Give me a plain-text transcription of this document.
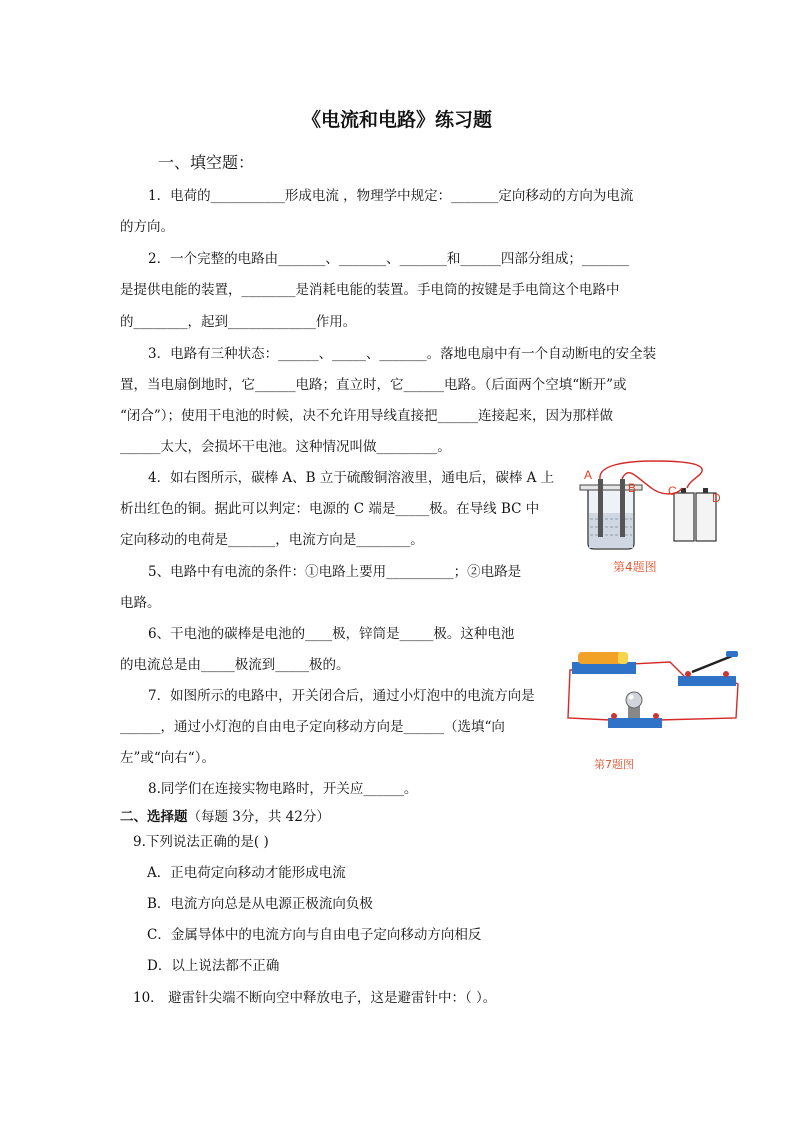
《电流和电路》练习题
一、填空题：
1．电荷的___________形成电流 ，物理学中规定：_______定向移动的方向为电流
的方向。
2．一个完整的电路由_______、_______、_______和______四部分组成；_______
是提供电能的装置，________是消耗电能的装置。手电筒的按键是手电筒这个电路中
的________，起到_____________作用。
3．电路有三种状态：______、_____、_______。落地电扇中有一个自动断电的安全装
置，当电扇倒地时，它______电路；直立时，它______电路。（后面两个空填“断开”或
“闭合”）；使用干电池的时候，决不允许用导线直接把______连接起来，因为那样做
______太大，会损坏干电池。这种情况叫做_________。
4．如右图所示，碳棒 A、B 立于硫酸铜溶液里，通电后，碳棒 A 上
析出红色的铜。据此可以判定：电源的 C 端是_____极。在导线 BC 中
定向移动的电荷是_______，电流方向是________。
5、电路中有电流的条件：①电路上要用__________；②电路是
电路。
6、干电池的碳棒是电池的____极，锌筒是_____极。这种电池
的电流总是由_____极流到_____极的。
7．如图所示的电路中，开关闭合后，通过小灯泡中的电流方向是
______，通过小灯泡的自由电子定向移动方向是______（选填“向
左”或“向右“）。
8.同学们在连接实物电路时，开关应______。
二、选择题（每题 3分，共 42分）
9.下列说法正确的是( )
A．正电荷定向移动才能形成电流
B．电流方向总是从电源正极流向负极
C．金属导体中的电流方向与自由电子定向移动方向相反
D．以上说法都不正确
10． 避雷针尖端不断向空中释放电子，这是避雷针中：（ ）。
A
B	C	D
第4题图
第7题图
